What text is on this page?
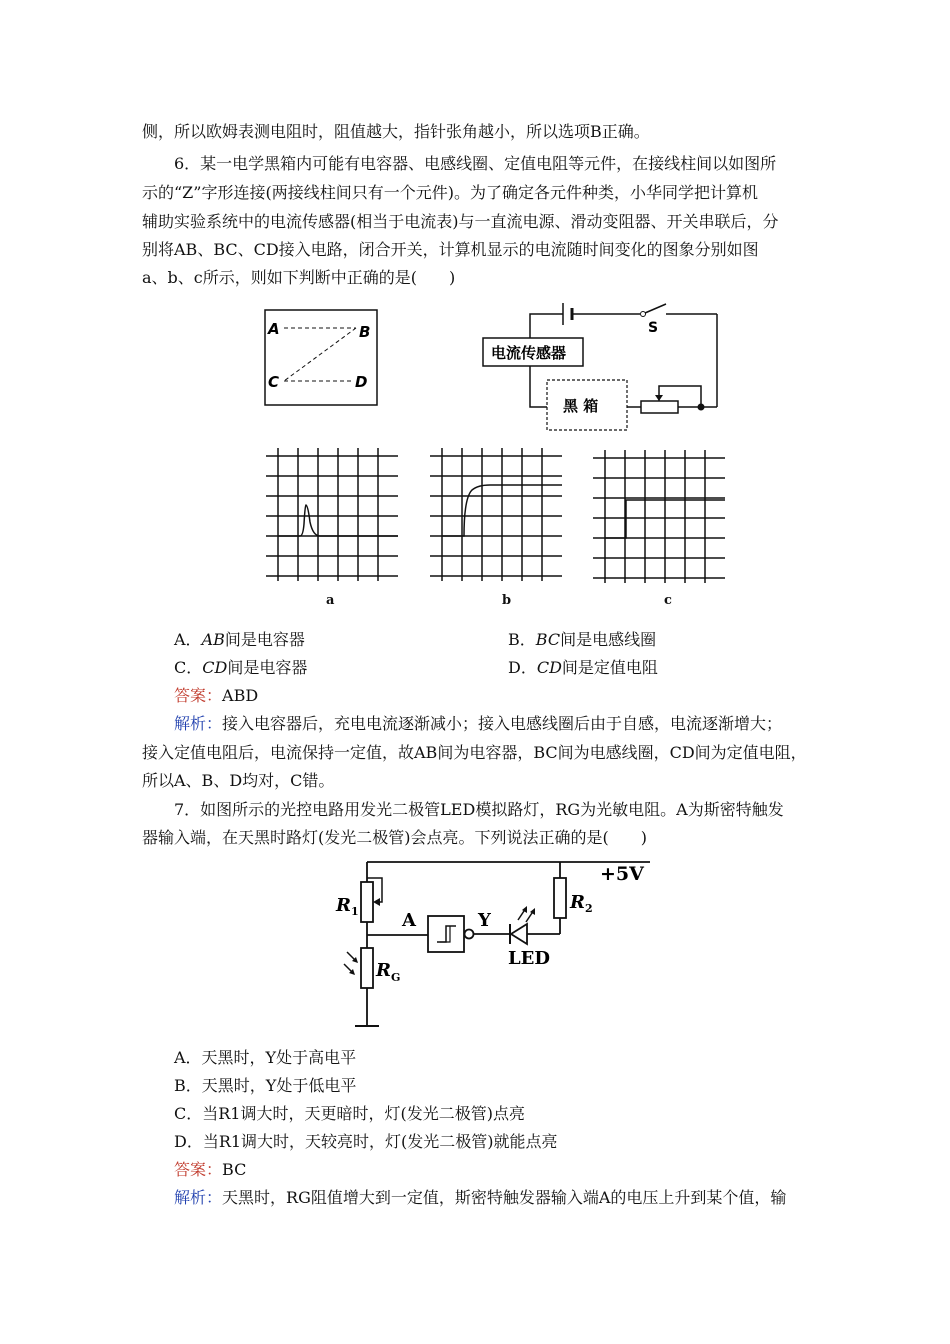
侧，所以欧姆表测电阻时，阻值越大，指针张角越小，所以选项B正确。
6．某一电学黑箱内可能有电容器、电感线圈、定值电阻等元件，在接线柱间以如图所
示的“Z”字形连接(两接线柱间只有一个元件)。为了确定各元件种类，小华同学把计算机
辅助实验系统中的电流传感器(相当于电流表)与一直流电源、滑动变阻器、开关串联后，分
别将AB、BC、CD接入电路，闭合开关，计算机显示的电流随时间变化的图象分别如图
a、b、c所示，则如下判断中正确的是(　　)
A	B
C	D
S
黑 箱
电流传感器
a	b	c
A．AB间是电容器	B．BC间是电感线圈
C．CD间是电容器	D．CD间是定值电阻
答案：ABD
解析：接入电容器后，充电电流逐渐减小；接入电感线圈后由于自感，电流逐渐增大；
接入定值电阻后，电流保持一定值，故AB间为电容器，BC间为电感线圈，CD间为定值电阻，
所以A、B、D均对，C错。
7．如图所示的光控电路用发光二极管LED模拟路灯，RG为光敏电阻。A为斯密特触发
器输入端，在天黑时路灯(发光二极管)会点亮。下列说法正确的是(　　)
+5V
$R_1$
$R_G$
A	Y
$R_2$
LED
A．天黑时，Y处于高电平
B．天黑时，Y处于低电平
C．当R1调大时，天更暗时，灯(发光二极管)点亮
D．当R1调大时，天较亮时，灯(发光二极管)就能点亮
答案：BC
解析：天黑时，RG阻值增大到一定值，斯密特触发器输入端A的电压上升到某个值，输
